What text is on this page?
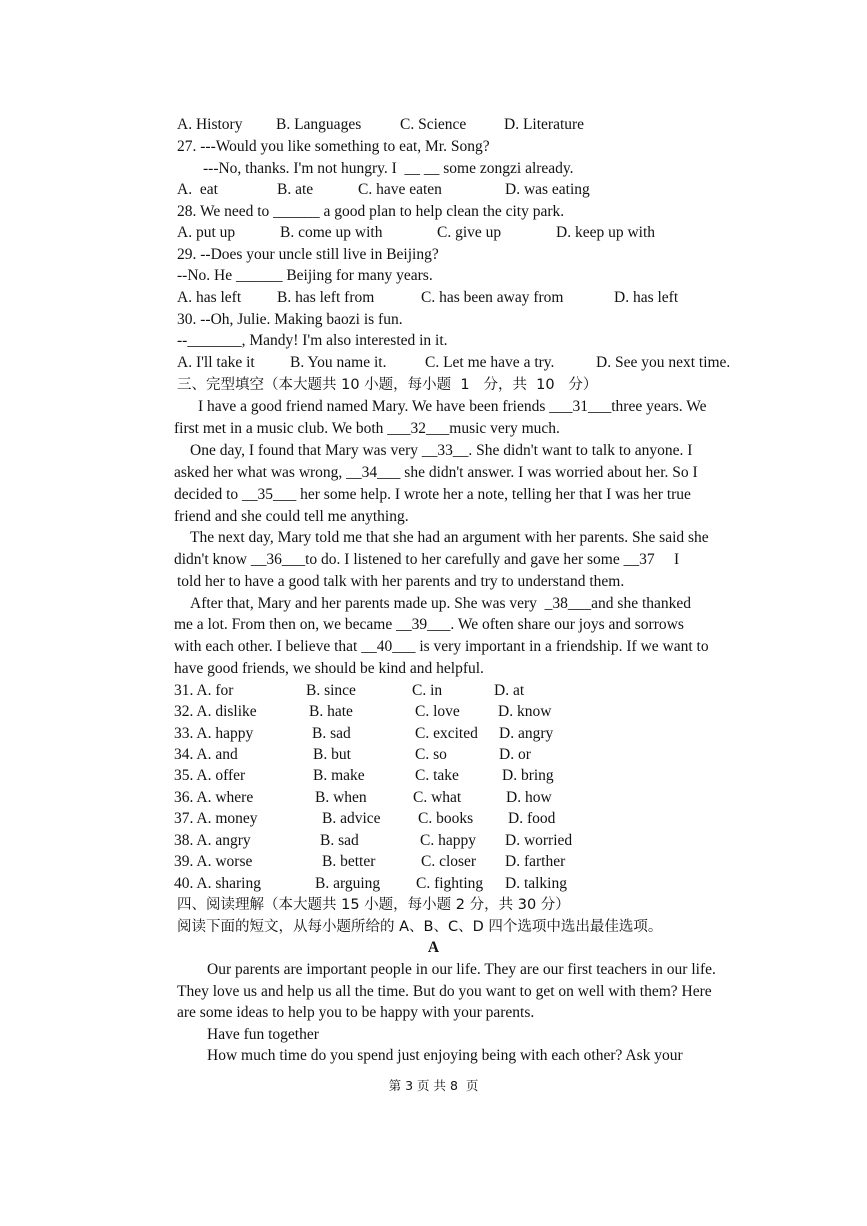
A. History B. Languages	C. Science D. Literature
27. ---Would you like something to eat, Mr. Song?
---No, thanks. I'm not hungry. I  __ __ some zongzi already.
A.  eat	B. ate	C. have eaten	D. was eating
28. We need to ______ a good plan to help clean the city park.
A. put up	B. come up with	C. give up	D. keep up with
29. --Does your uncle still live in Beijing?
--No. He ______ Beijing for many years.
A. has left B. has left from	C. has been away from	D. has left
30. --Oh, Julie. Making baozi is fun.
--_______, Mandy! I'm also interested in it.
A. I'll take it B. You name it. C. Let me have a try.	D. See you next time.
三、完型填空（本大题共 10 小题，每小题  1   分，共  10   分）
I have a good friend named Mary. We have been friends ___31___three years. We
first met in a music club. We both ___32___music very much.
One day, I found that Mary was very __33__. She didn't want to talk to anyone. I
asked her what was wrong, __34___ she didn't answer. I was worried about her. So I
decided to __35___ her some help. I wrote her a note, telling her that I was her true
friend and she could tell me anything.
The next day, Mary told me that she had an argument with her parents. She said she
didn't know __36___to do. I listened to her carefully and gave her some __37     I
told her to have a good talk with her parents and try to understand them.
After that, Mary and her parents made up. She was very  _38___and she thanked
me a lot. From then on, we became __39___. We often share our joys and sorrows
with each other. I believe that __40___ is very important in a friendship. If we want to
have good friends, we should be kind and helpful.
31. A. for	B. since	C. in	D. at
32. A. dislike	B. hate	C. love D. know
33. A. happy	B. sad	C. excited D. angry
34. A. and	B. but	C. so	D. or
35. A. offer	B. make	C. take	D. bring
36. A. where	B. when	C. what	D. how
37. A. money	B. advice C. books D. food
38. A. angry	B. sad	C. happy D. worried
39. A. worse	B. better	C. closer D. farther
40. A. sharing	B. arguing C. fighting D. talking
四、阅读理解（本大题共 15 小题，每小题 2 分，共 30 分）
阅读下面的短文，从每小题所给的 A、B、C、D 四个选项中选出最佳选项。
A
Our parents are important people in our life. They are our first teachers in our life.
They love us and help us all the time. But do you want to get on well with them? Here
are some ideas to help you to be happy with your parents.
Have fun together
How much time do you spend just enjoying being with each other? Ask your
第 3 页 共 8  页
